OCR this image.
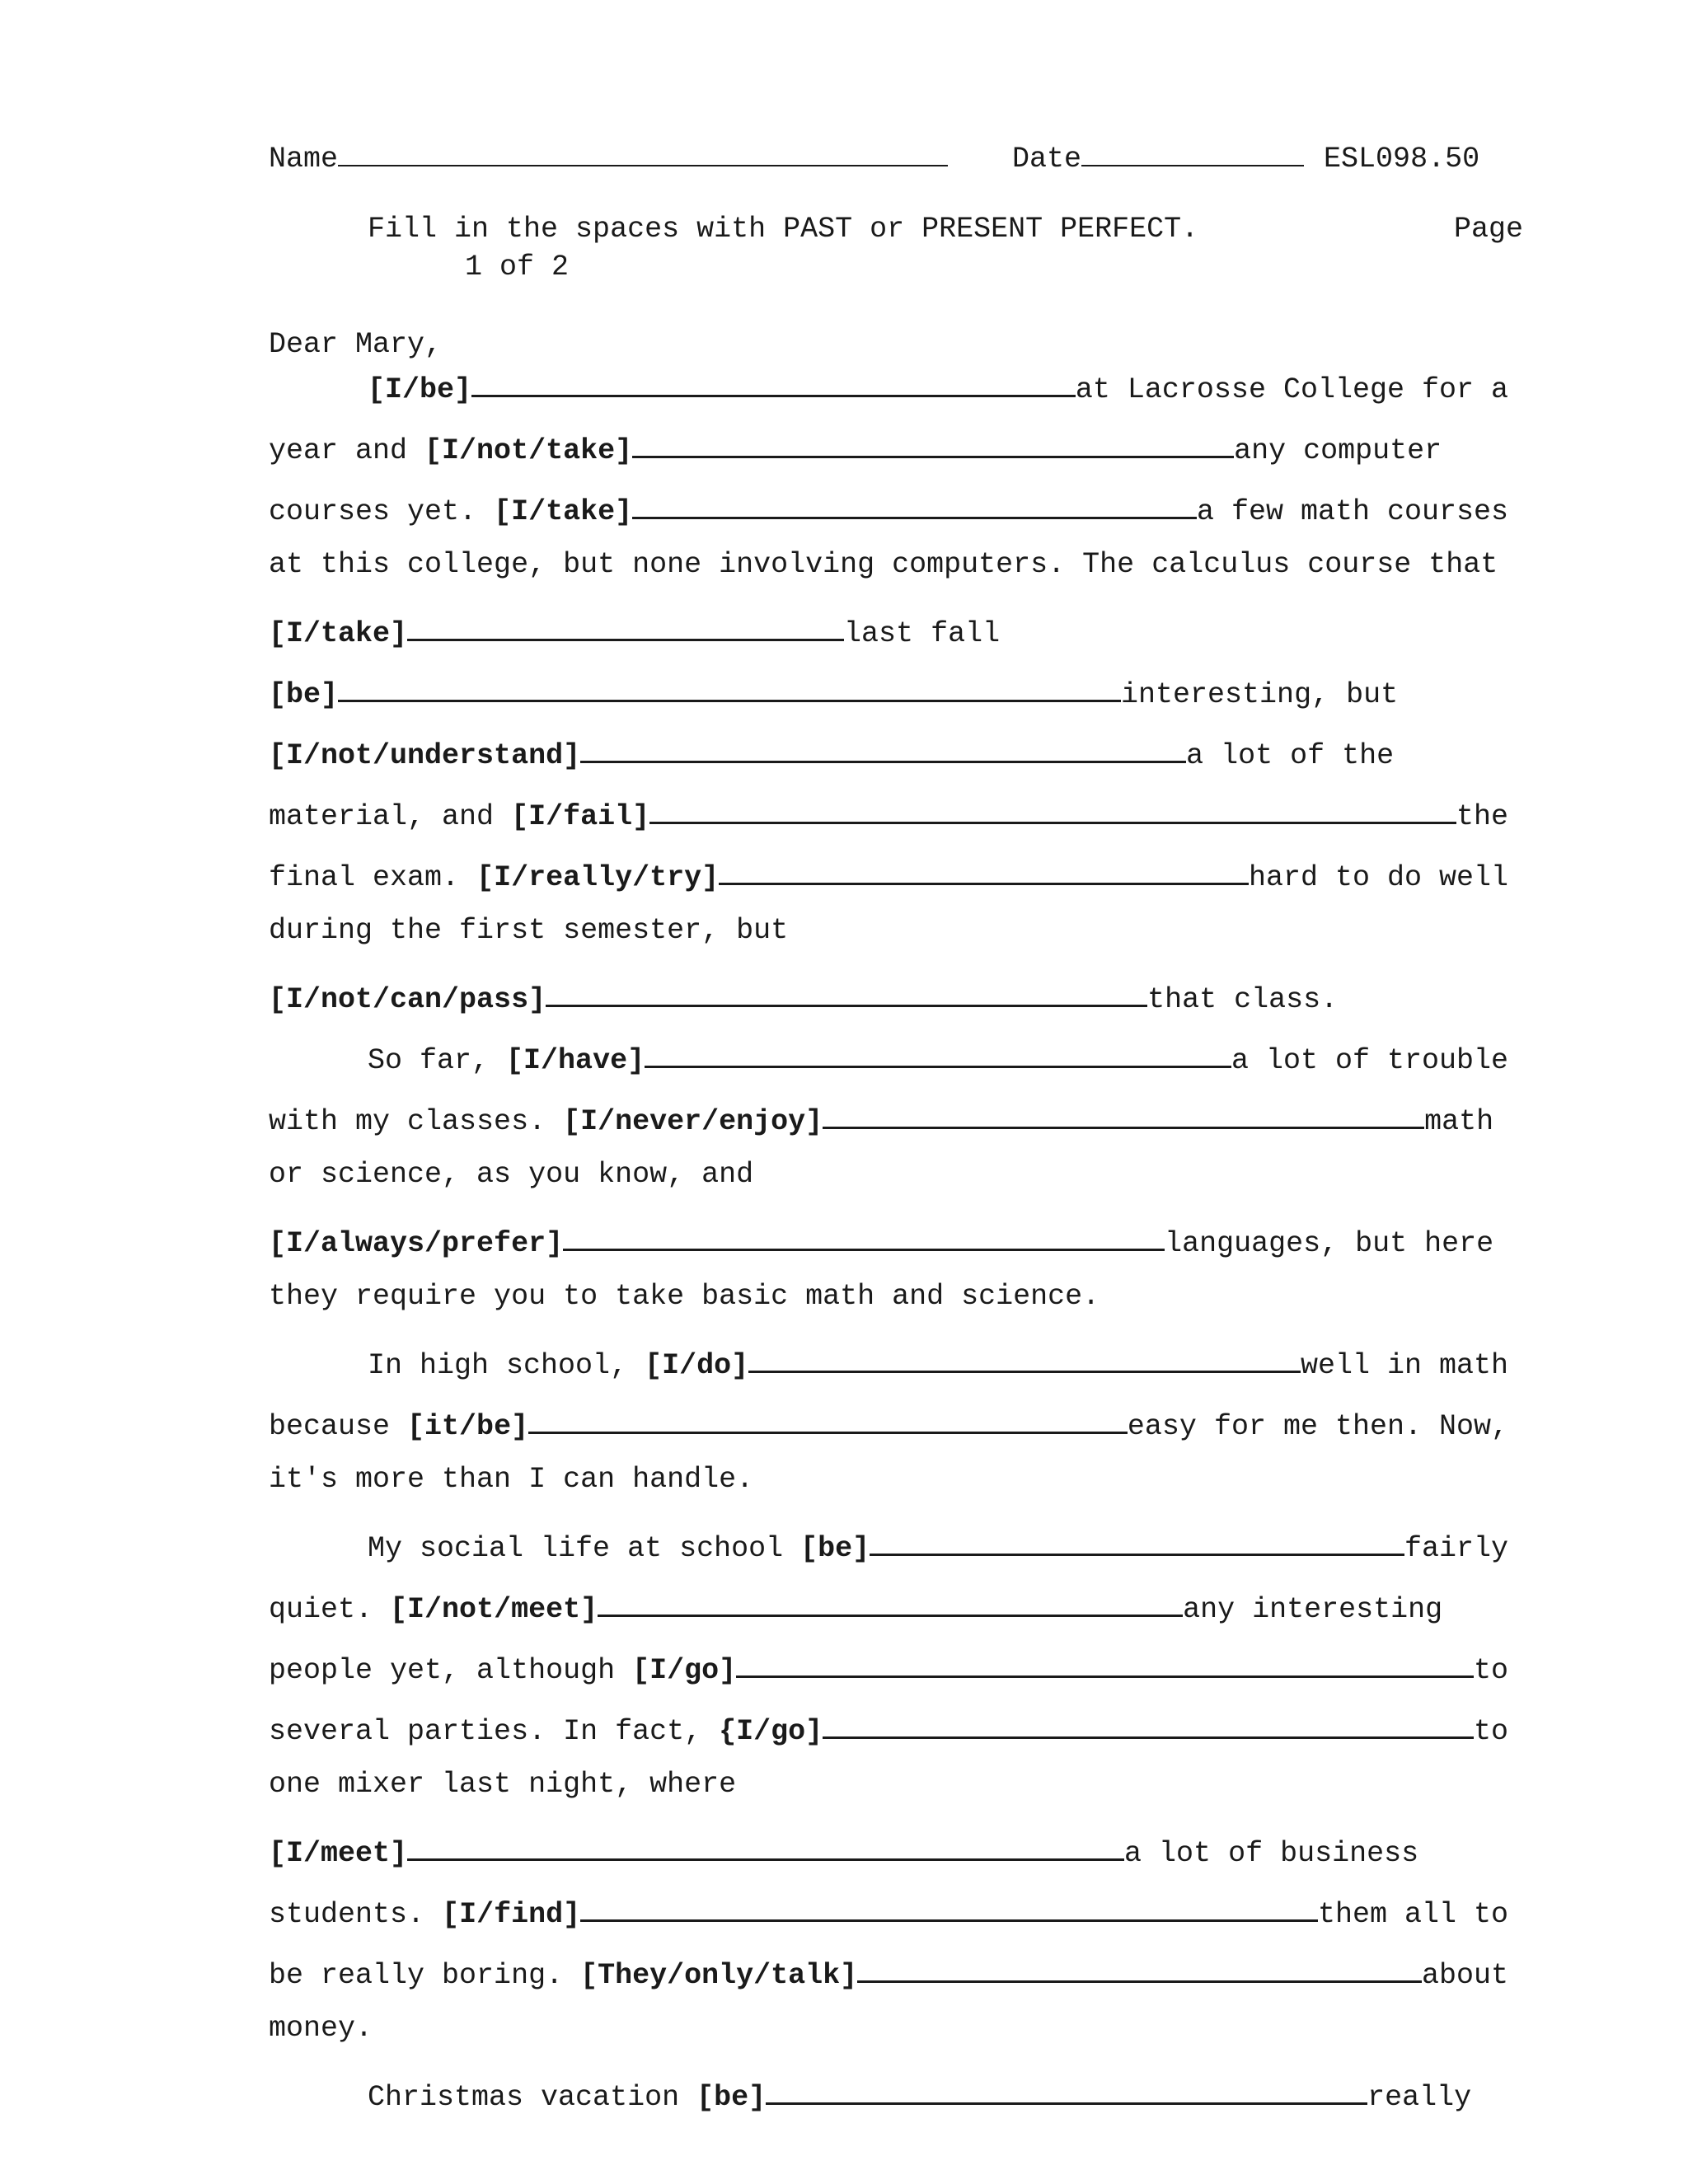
Name	Date	ESL098.50

Fill in the spaces with PAST or PRESENT PERFECT.
	Page

1 of 2

Dear Mary,

[I/be]	at Lacrosse College for a

year and [I/not/take]	any computer

courses yet. [I/take]	a few math courses

at this college, but none involving computers. The calculus course that

[I/take]	last fall

[be]	interesting, but

[I/not/understand]	a lot of the

material, and [I/fail]	the

final exam. [I/really/try]	hard to do well

during the first semester, but

[I/not/can/pass]	that class.

So far, [I/have]	a lot of trouble

with my classes. [I/never/enjoy]	math

or science, as you know, and

[I/always/prefer]	languages, but here

they require you to take basic math and science.

In high school, [I/do]	well in math

because [it/be]	easy for me then. Now,

it's more than I can handle.

My social life at school [be]	fairly

quiet. [I/not/meet]	any interesting

people yet, although [I/go]	to

several parties. In fact, {I/go]	to

one mixer last night, where

[I/meet]	a lot of business

students. [I/find]	them all to

be really boring. [They/only/talk]	about

money.

Christmas vacation [be]	really
